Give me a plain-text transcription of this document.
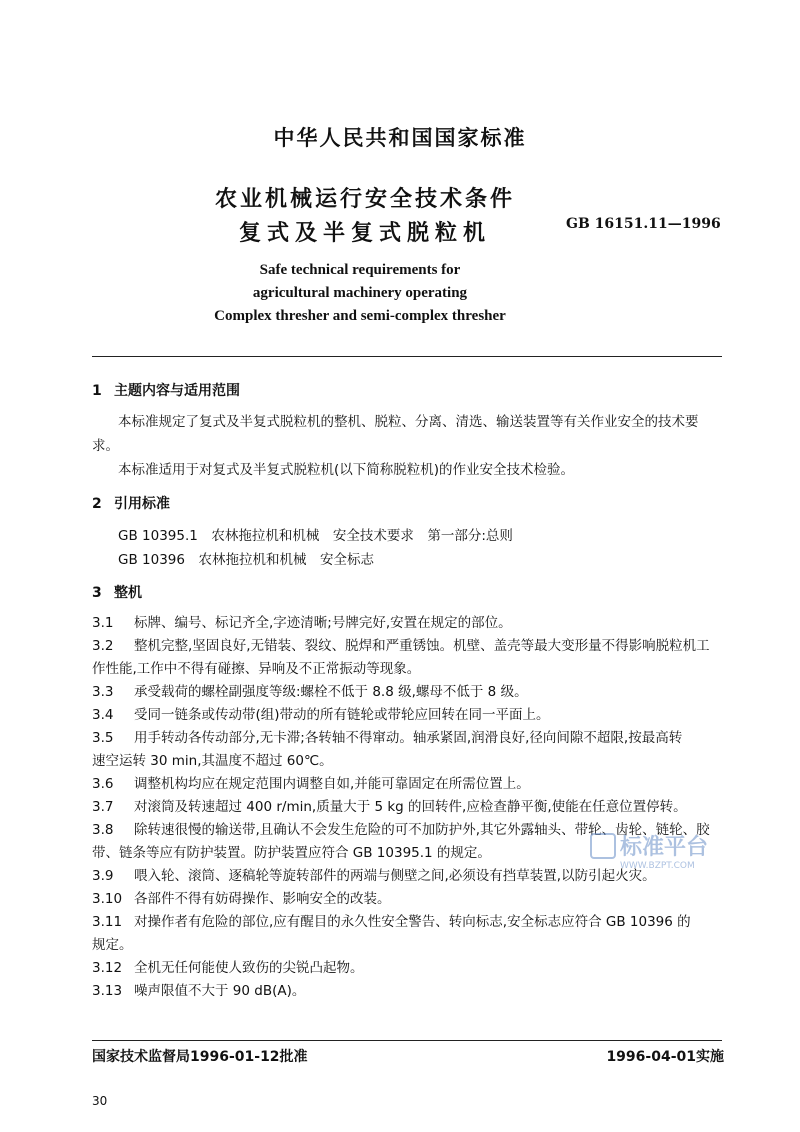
中华人民共和国国家标准
农业机械运行安全技术条件
复式及半复式脱粒机	GB 16151.11—1996
Safe technical requirements for
agricultural machinery operating
Complex thresher and semi-complex thresher
1 主题内容与适用范围
本标准规定了复式及半复式脱粒机的整机、脱粒、分离、清选、输送装置等有关作业安全的技术要
求。
本标准适用于对复式及半复式脱粒机(以下简称脱粒机)的作业安全技术检验。
2 引用标准
GB 10395.1　农林拖拉机和机械　安全技术要求　第一部分:总则
GB 10396　农林拖拉机和机械　安全标志
3 整机
3.1 标牌、编号、标记齐全,字迹清晰;号牌完好,安置在规定的部位。
3.2 整机完整,坚固良好,无错装、裂纹、脱焊和严重锈蚀。机壁、盖壳等最大变形量不得影响脱粒机工
作性能,工作中不得有碰擦、异响及不正常振动等现象。
3.3 承受载荷的螺栓副强度等级:螺栓不低于 8.8 级,螺母不低于 8 级。
3.4 受同一链条或传动带(组)带动的所有链轮或带轮应回转在同一平面上。
3.5 用手转动各传动部分,无卡滞;各转轴不得窜动。轴承紧固,润滑良好,径向间隙不超限,按最高转
速空运转 30 min,其温度不超过 60℃。
3.6 调整机构均应在规定范围内调整自如,并能可靠固定在所需位置上。
3.7 对滚筒及转速超过 400 r/min,质量大于 5 kg 的回转件,应检查静平衡,使能在任意位置停转。
3.8 除转速很慢的输送带,且确认不会发生危险的可不加防护外,其它外露轴头、带轮、齿轮、链轮、胶
带、链条等应有防护装置。防护装置应符合 GB 10395.1 的规定。
3.9 喂入轮、滚筒、逐稿轮等旋转部件的两端与侧壁之间,必须设有挡草装置,以防引起火灾。
3.10 各部件不得有妨碍操作、影响安全的改装。
3.11 对操作者有危险的部位,应有醒目的永久性安全警告、转向标志,安全标志应符合 GB 10396 的
规定。
3.12 全机无任何能使人致伤的尖锐凸起物。
3.13 噪声限值不大于 90 dB(A)。
标准平台
WWW.BZPT.COM
国家技术监督局1996-01-12批准	1996-04-01实施
30
